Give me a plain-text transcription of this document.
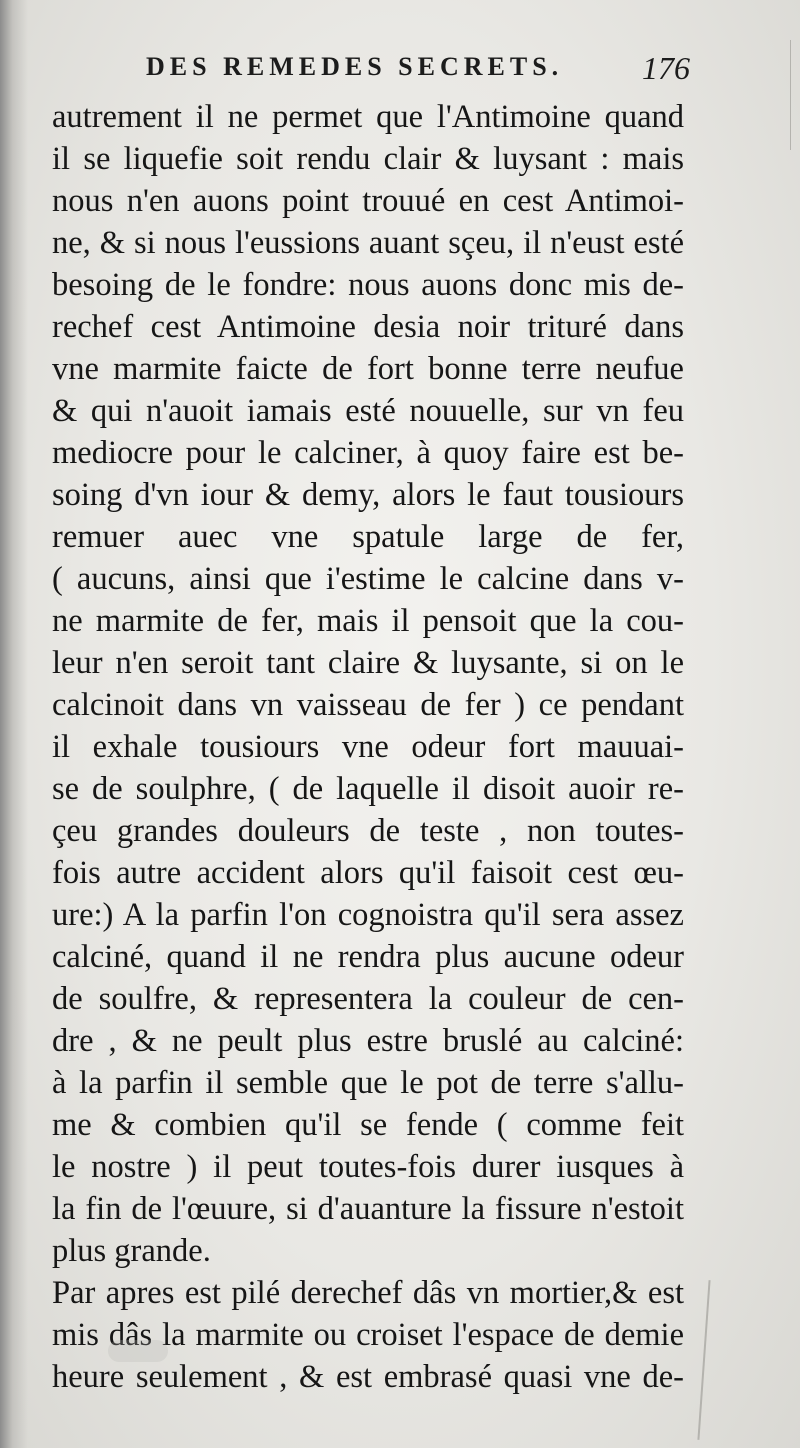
DES REMEDES SECRETS. 176
autrement il ne permet que l'Antimoine quand
il se liquefie soit rendu clair & luysant : mais
nous n'en auons point trouué en cest Antimoi-
ne, & si nous l'eussions auant sçeu, il n'eust esté
besoing de le fondre: nous auons donc mis de-
rechef cest Antimoine desia noir trituré dans
vne marmite faicte de fort bonne terre neufue
& qui n'auoit iamais esté nouuelle, sur vn feu
mediocre pour le calciner, à quoy faire est be-
soing d'vn iour & demy, alors le faut tousiours
remuer auec vne spatule large de fer,
( aucuns, ainsi que i'estime le calcine dans v-
ne marmite de fer, mais il pensoit que la cou-
leur n'en seroit tant claire & luysante, si on le
calcinoit dans vn vaisseau de fer ) ce pendant
il exhale tousiours vne odeur fort mauuai-
se de soulphre, ( de laquelle il disoit auoir re-
çeu grandes douleurs de teste , non toutes-
fois autre accident alors qu'il faisoit cest œu-
ure:) A la parfin l'on cognoistra qu'il sera assez
calciné, quand il ne rendra plus aucune odeur
de soulfre, & representera la couleur de cen-
dre , & ne peult plus estre bruslé au calciné:
à la parfin il semble que le pot de terre s'allu-
me & combien qu'il se fende ( comme feit
le nostre ) il peut toutes-fois durer iusques à
la fin de l'œuure, si d'auanture la fissure n'estoit
plus grande.
Par apres est pilé derechef dâs vn mortier,& est
mis dâs la marmite ou croiset l'espace de demie
heure seulement , & est embrasé quasi vne de-
